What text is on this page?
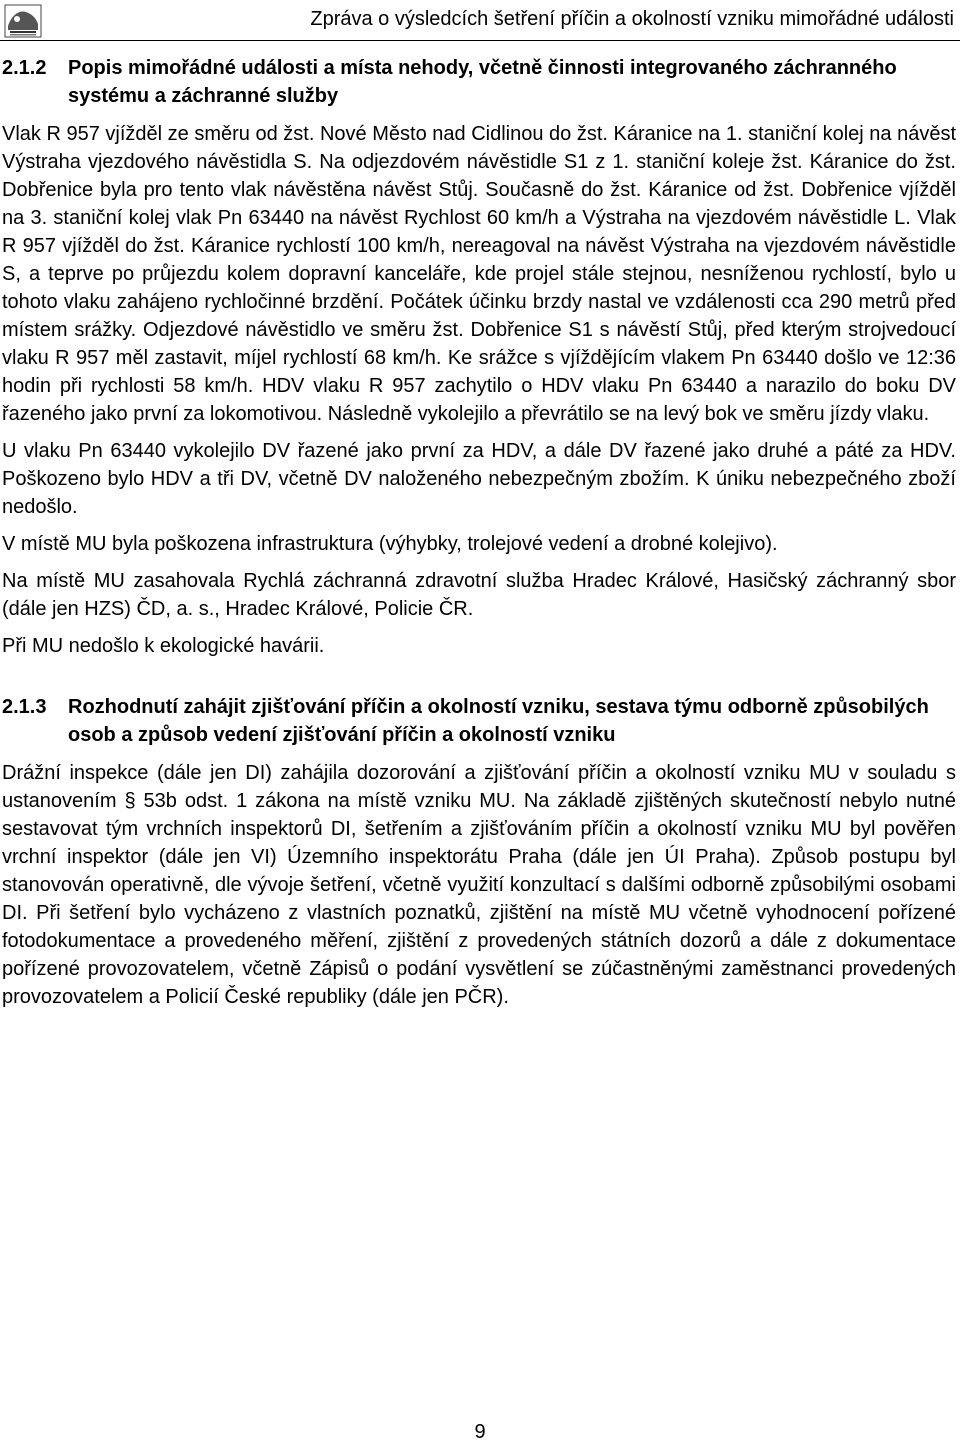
Zpráva o výsledcích šetření příčin a okolností vzniku mimořádné události
2.1.2 Popis mimořádné události a místa nehody, včetně činnosti integrovaného záchranného systému a záchranné služby

Vlak R 957 vjížděl ze směru od žst. Nové Město nad Cidlinou do žst. Káranice na 1. staniční kolej na návěst Výstraha vjezdového návěstidla S. Na odjezdovém návěstidle S1 z 1. staniční koleje žst. Káranice do žst. Dobřenice byla pro tento vlak návěstěna návěst Stůj. Současně do žst. Káranice od žst. Dobřenice vjížděl na 3. staniční kolej vlak Pn 63440 na návěst Rychlost 60 km/h a Výstraha na vjezdovém návěstidle L. Vlak R 957 vjížděl do žst. Káranice rychlostí 100 km/h, nereagoval na návěst Výstraha na vjezdovém návěstidle S, a teprve po průjezdu kolem dopravní kanceláře, kde projel stále stejnou, nesníženou rychlostí, bylo u tohoto vlaku zahájeno rychločinné brzdění. Počátek účinku brzdy nastal ve vzdálenosti cca 290 metrů před místem srážky. Odjezdové návěstidlo ve směru žst. Dobřenice S1 s návěstí Stůj, před kterým strojvedoucí vlaku R 957 měl zastavit, míjel rychlostí 68 km/h. Ke srážce s vjíždějícím vlakem Pn 63440 došlo ve 12:36 hodin při rychlosti 58 km/h. HDV vlaku R 957 zachytilo o HDV vlaku Pn 63440 a narazilo do boku DV řazeného jako první za lokomotivou. Následně vykolejilo a převrátilo se na levý bok ve směru jízdy vlaku.

U vlaku Pn 63440 vykolejilo DV řazené jako první za HDV, a dále DV řazené jako druhé a páté za HDV. Poškozeno bylo HDV a tři DV, včetně DV naloženého nebezpečným zbožím. K úniku nebezpečného zboží nedošlo.

V místě MU byla poškozena infrastruktura (výhybky, trolejové vedení a drobné kolejivo).

Na místě MU zasahovala Rychlá záchranná zdravotní služba Hradec Králové, Hasičský záchranný sbor (dále jen HZS) ČD, a. s., Hradec Králové, Policie ČR.

Při MU nedošlo k ekologické havárii.

2.1.3 Rozhodnutí zahájit zjišťování příčin a okolností vzniku, sestava týmu odborně způsobilých osob a způsob vedení zjišťování příčin a okolností vzniku

Drážní inspekce (dále jen DI) zahájila dozorování a zjišťování příčin a okolností vzniku MU v souladu s ustanovením § 53b odst. 1 zákona na místě vzniku MU. Na základě zjištěných skutečností nebylo nutné sestavovat tým vrchních inspektorů DI, šetřením a zjišťováním příčin a okolností vzniku MU byl pověřen vrchní inspektor (dále jen VI) Územního inspektorátu Praha (dále jen ÚI Praha). Způsob postupu byl stanovován operativně, dle vývoje šetření, včetně využití konzultací s dalšími odborně způsobilými osobami DI. Při šetření bylo vycházeno z vlastních poznatků, zjištění na místě MU včetně vyhodnocení pořízené fotodokumentace a provedeného měření, zjištění z provedených státních dozorů a dále z dokumentace pořízené provozovatelem, včetně Zápisů o podání vysvětlení se zúčastněnými zaměstnanci provedených provozovatelem a Policií České republiky (dále jen PČR).

9
